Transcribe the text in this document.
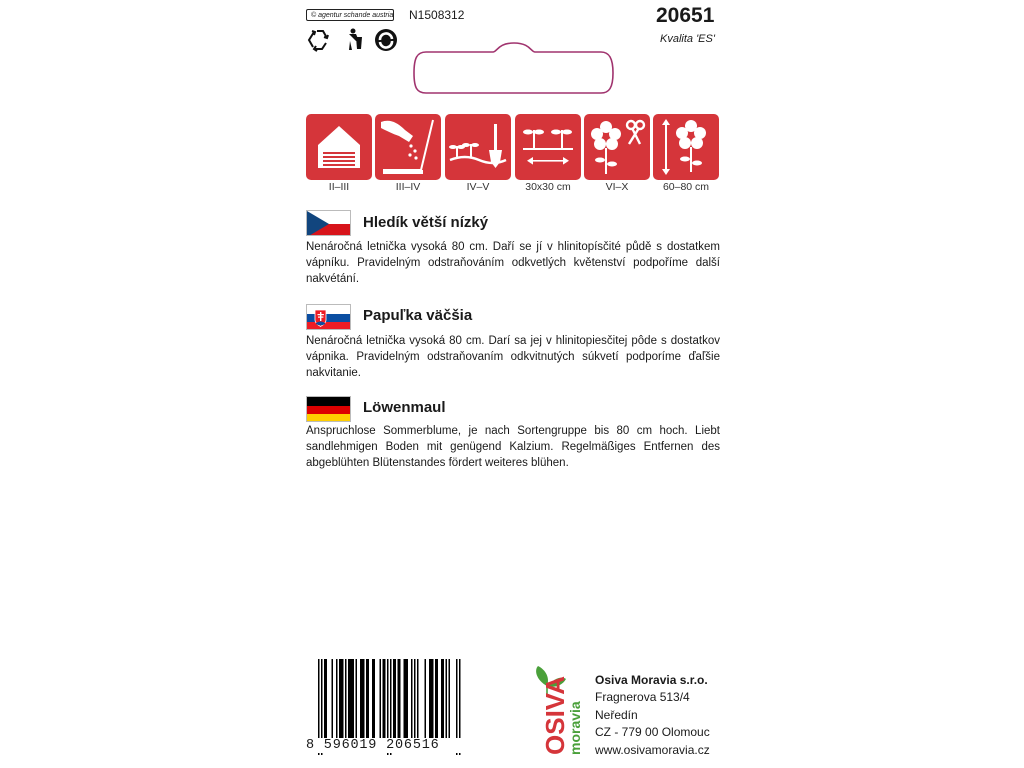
© agentur schande austria N1508312	20651
Kvalita 'ES'
II–III	III–IV	IV–V	30x30 cm	VI–X	60–80 cm
Hledík větší nízký
Nenáročná letnička vysoká 80 cm. Daří se jí v hlinitopísčité půdě s dostatkem vápníku. Pravidelným odstraňováním odkvetlých květenství podpoříme další nakvétání.
Papuľka väčšia
Nenáročná letnička vysoká 80 cm. Darí sa jej v hlinitopiesčitej pôde s dostatkov vápnika. Pravidelným odstraňovaním odkvitnutých súkvetí podporíme ďaľšie nakvitanie.
Löwenmaul
Anspruchlose Sommerblume, je nach Sortengruppe bis 80 cm hoch. Liebt sandlehmigen Boden mit genügend Kalzium. Regelmäßiges Entfernen des abgeblühten Blütenstandes fördert weiteres blühen.
8 596019 206516	OSIVA
moravia
Osiva Moravia s.r.o.
Fragnerova 513/4
Neředín
CZ - 779 00 Olomouc
www.osivamoravia.cz
